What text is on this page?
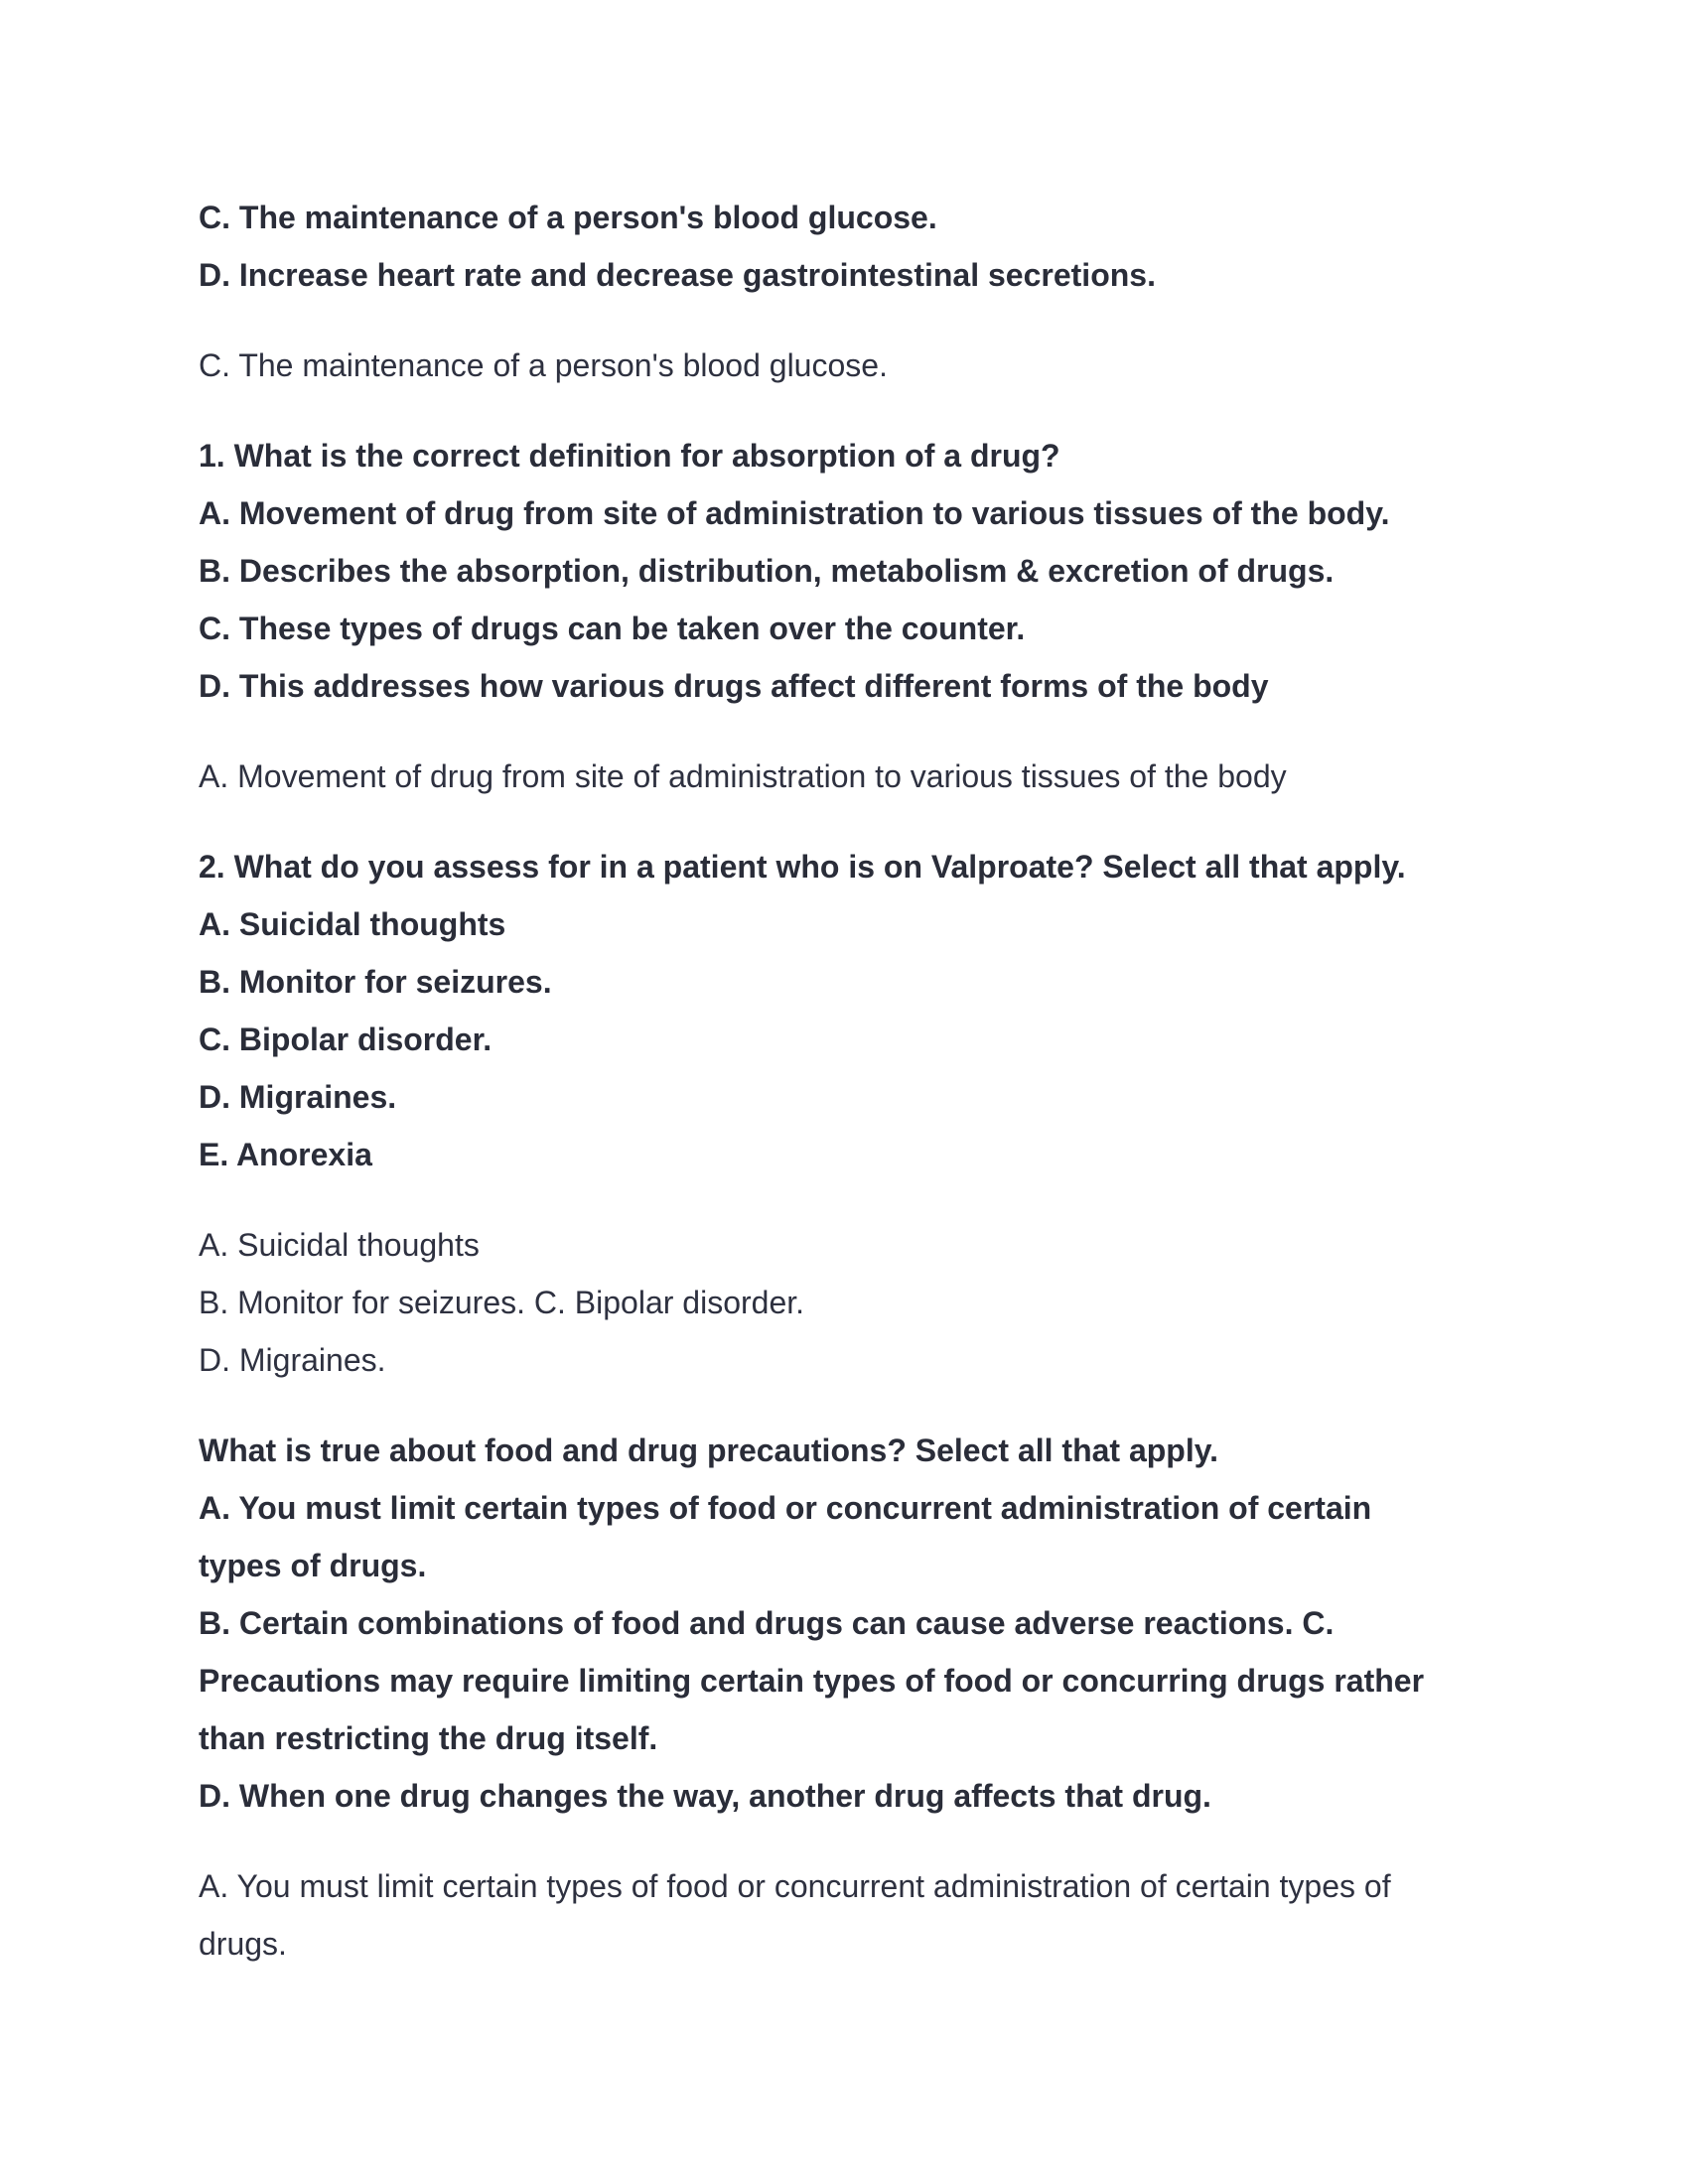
C. The maintenance of a person's blood glucose.

D. Increase heart rate and decrease gastrointestinal secretions.

C. The maintenance of a person's blood glucose.

1. What is the correct definition for absorption of a drug?

A. Movement of drug from site of administration to various tissues of the body.

B. Describes the absorption, distribution, metabolism & excretion of drugs.

C. These types of drugs can be taken over the counter.

D. This addresses how various drugs affect different forms of the body

A. Movement of drug from site of administration to various tissues of the body

2. What do you assess for in a patient who is on Valproate? Select all that apply.

A. Suicidal thoughts

B. Monitor for seizures.

C. Bipolar disorder.

D. Migraines.

E. Anorexia

A. Suicidal thoughts

B. Monitor for seizures. C. Bipolar disorder.

D. Migraines.

What is true about food and drug precautions? Select all that apply.

A. You must limit certain types of food or concurrent administration of certain

types of drugs.

B. Certain combinations of food and drugs can cause adverse reactions. C.

Precautions may require limiting certain types of food or concurring drugs rather

than restricting the drug itself.

D. When one drug changes the way, another drug affects that drug.

A. You must limit certain types of food or concurrent administration of certain types of

drugs.
